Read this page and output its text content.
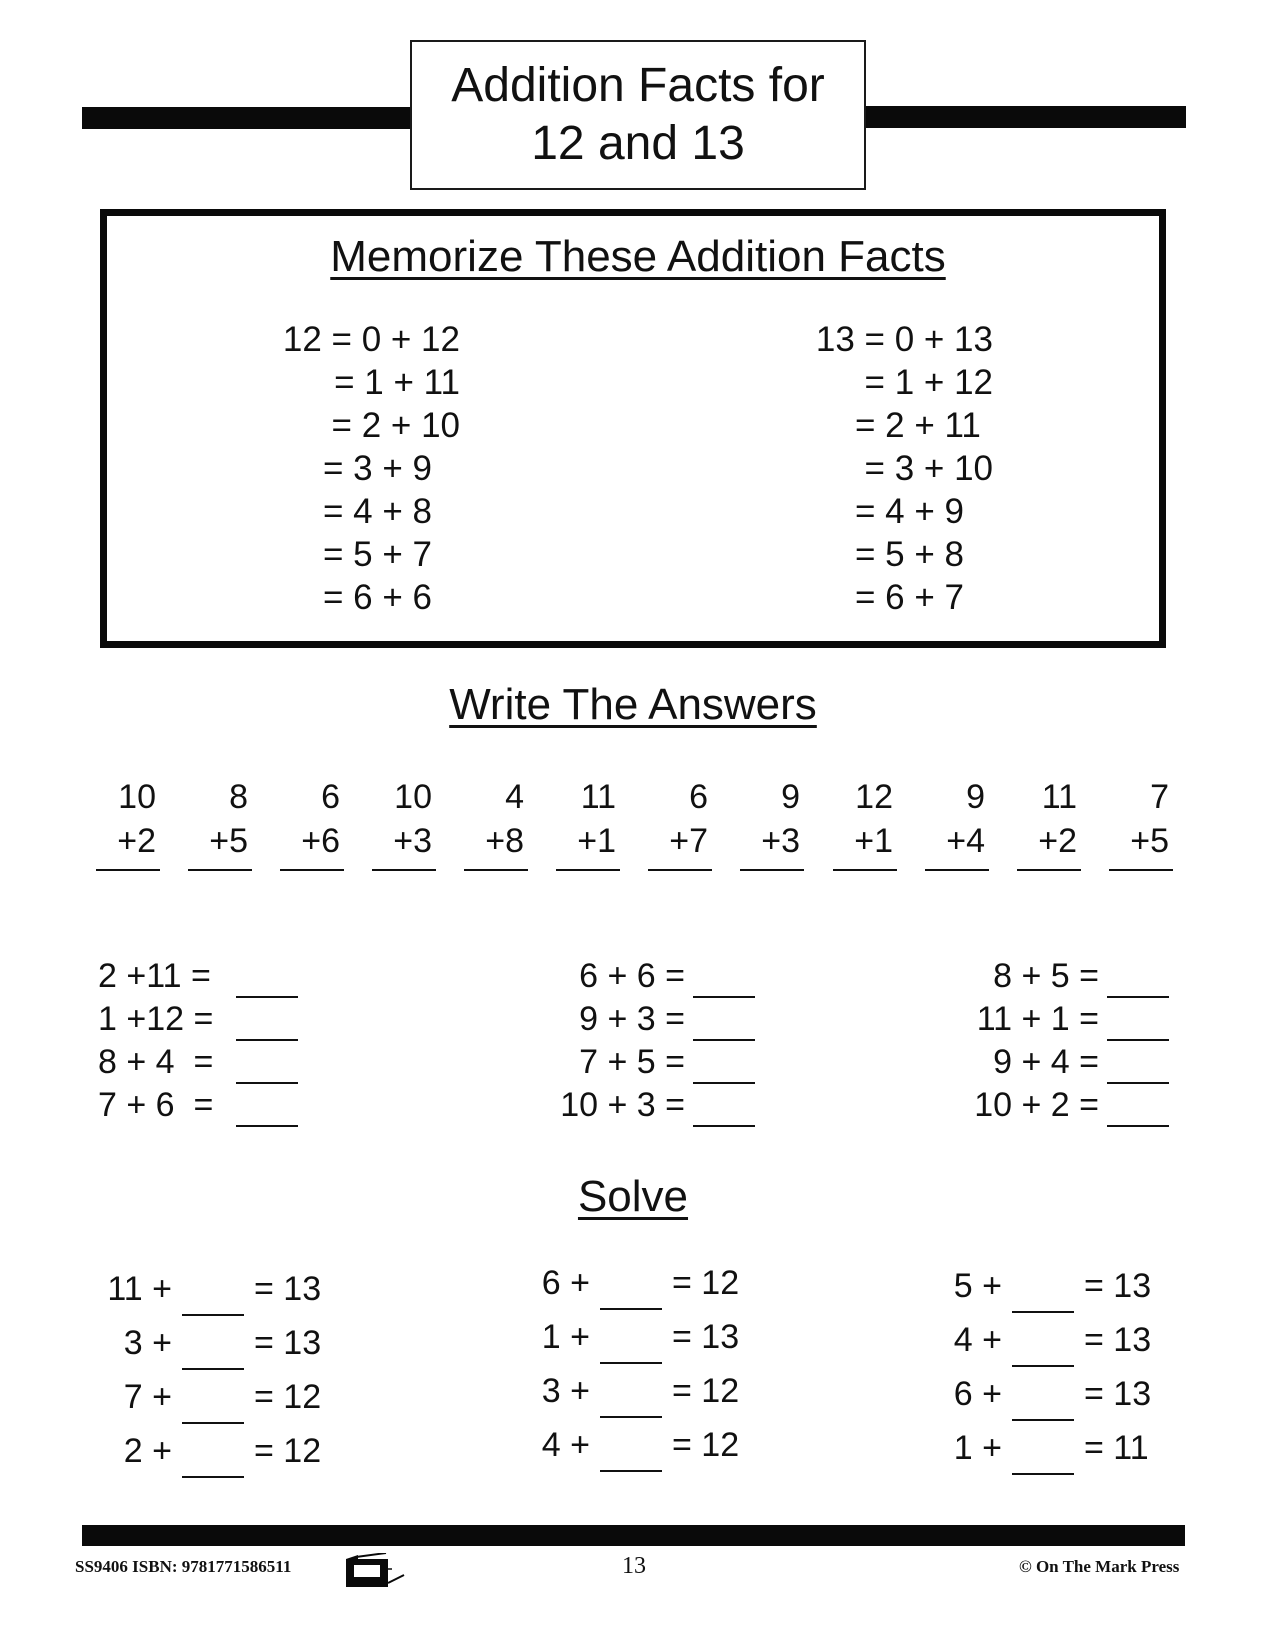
Addition Facts for
12 and 13
Memorize These Addition Facts
12 = 0 + 12
= 1 + 11
= 2 + 10
= 3 + 9
= 4 + 8
= 5 + 7
= 6 + 6
13 = 0 + 13
= 1 + 12
= 2 + 11
= 3 + 10
= 4 + 9
= 5 + 8
= 6 + 7
Write The Answers
10
+2
8
+5
6
+6
10
+3
4
+8
11
+1
6
+7
9
+3
12
+1
9
+4
11
+2
7
+5
2 +11 =
1 +12 =
8 + 4  =
7 + 6  =
6 + 6 =
9 + 3 =
7 + 5 =
10 + 3 =
8 + 5 =
11 + 1 =
9 + 4 =
10 + 2 =
Solve
11 + = 13
3 + = 13
7 + = 12
2 + = 12
6 + = 12
1 + = 13
3 + = 12
4 + = 12
5 + = 13
4 + = 13
6 + = 13
1 + = 11
SS9406 ISBN: 9781771586511	13	© On The Mark Press
